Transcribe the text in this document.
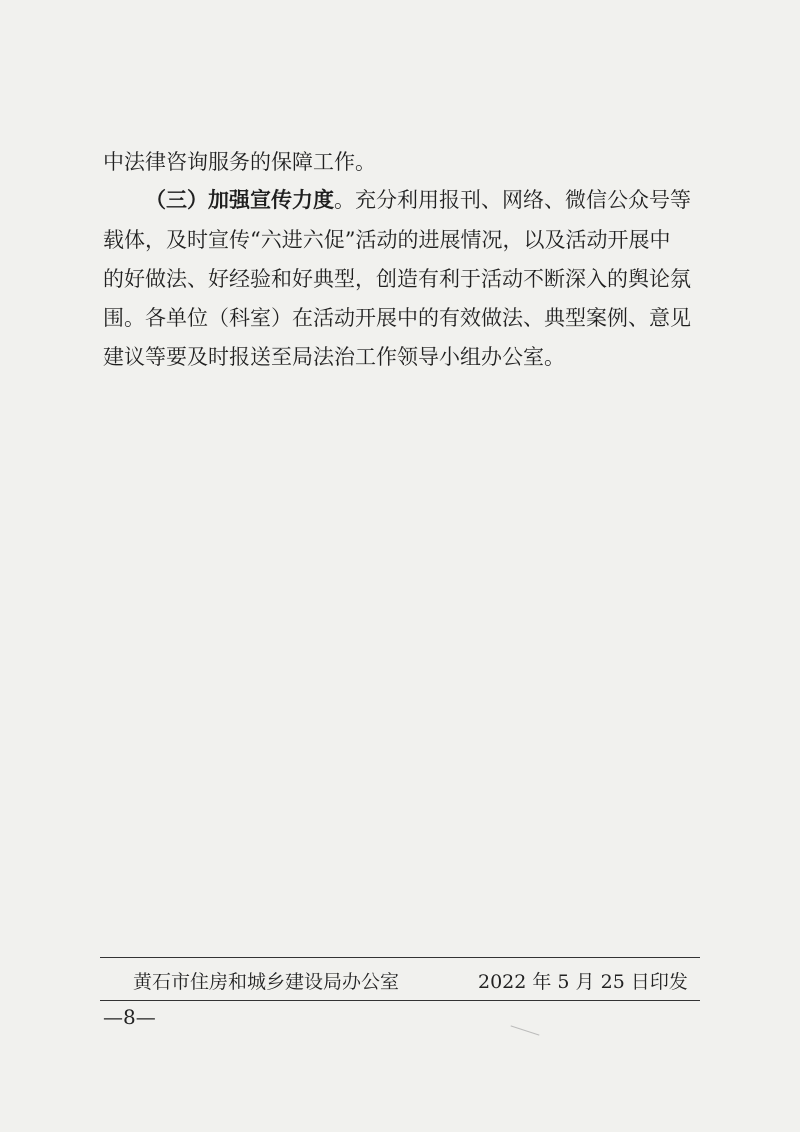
中法律咨询服务的保障工作。
（三）加强宣传力度。充分利用报刊、网络、微信公众号等
载体，及时宣传“六进六促”活动的进展情况，以及活动开展中
的好做法、好经验和好典型，创造有利于活动不断深入的舆论氛
围。各单位（科室）在活动开展中的有效做法、典型案例、意见
建议等要及时报送至局法治工作领导小组办公室。
黄石市住房和城乡建设局办公室	2022 年 5 月 25 日印发
—8—
